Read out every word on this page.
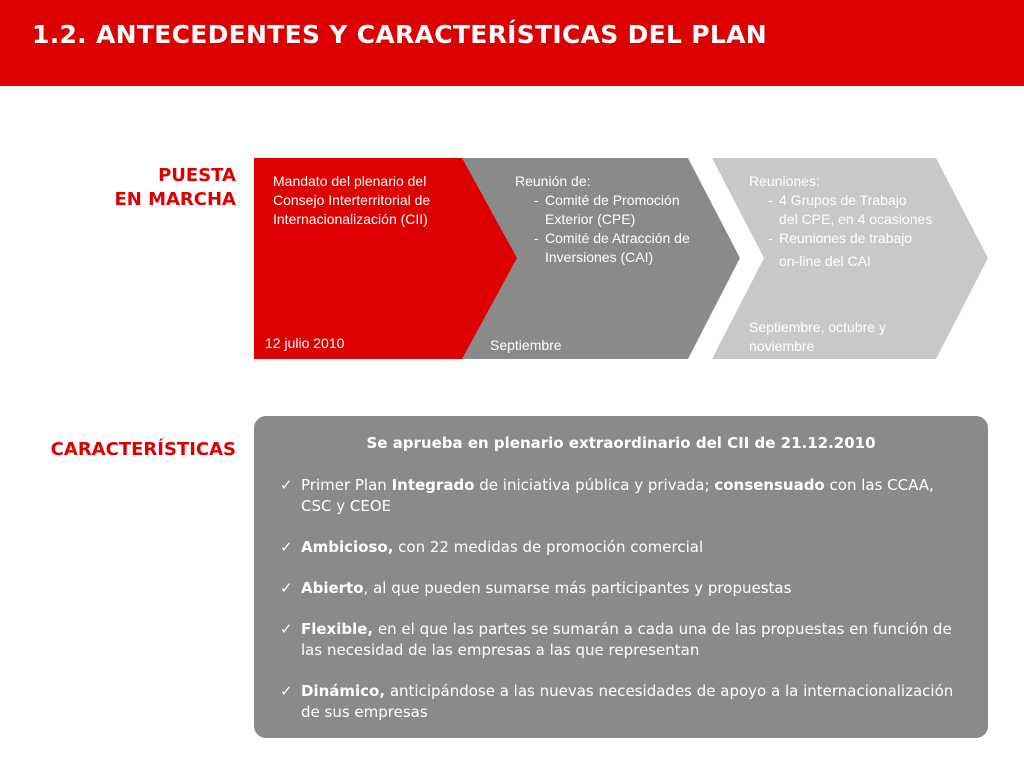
1.2. ANTECEDENTES Y CARACTERÍSTICAS DEL PLAN
PUESTA
EN MARCHA
Mandato del plenario del
Consejo Interterritorial de
Internacionalización (CII)
12 julio 2010
Reunión de:
- Comité de Promoción
Exterior (CPE)
- Comité de Atracción de
Inversiones (CAI)
Septiembre
Reuniones:
- 4 Grupos de Trabajo
del CPE, en 4 ocasiones
- Reuniones de trabajo
on-line del CAI
Septiembre, octubre y
noviembre
CARACTERÍSTICAS	Se aprueba en plenario extraordinario del CII de 21.12.2010
✓ Primer Plan Integrado de iniciativa pública y privada; consensuado con las CCAA, CSC y CEOE
✓ Ambicioso, con 22 medidas de promoción comercial
✓ Abierto, al que pueden sumarse más participantes y propuestas
✓ Flexible, en el que las partes se sumarán a cada una de las propuestas en función de las necesidad de las empresas a las que representan
✓ Dinámico, anticipándose a las nuevas necesidades de apoyo a la internacionalización de sus empresas
